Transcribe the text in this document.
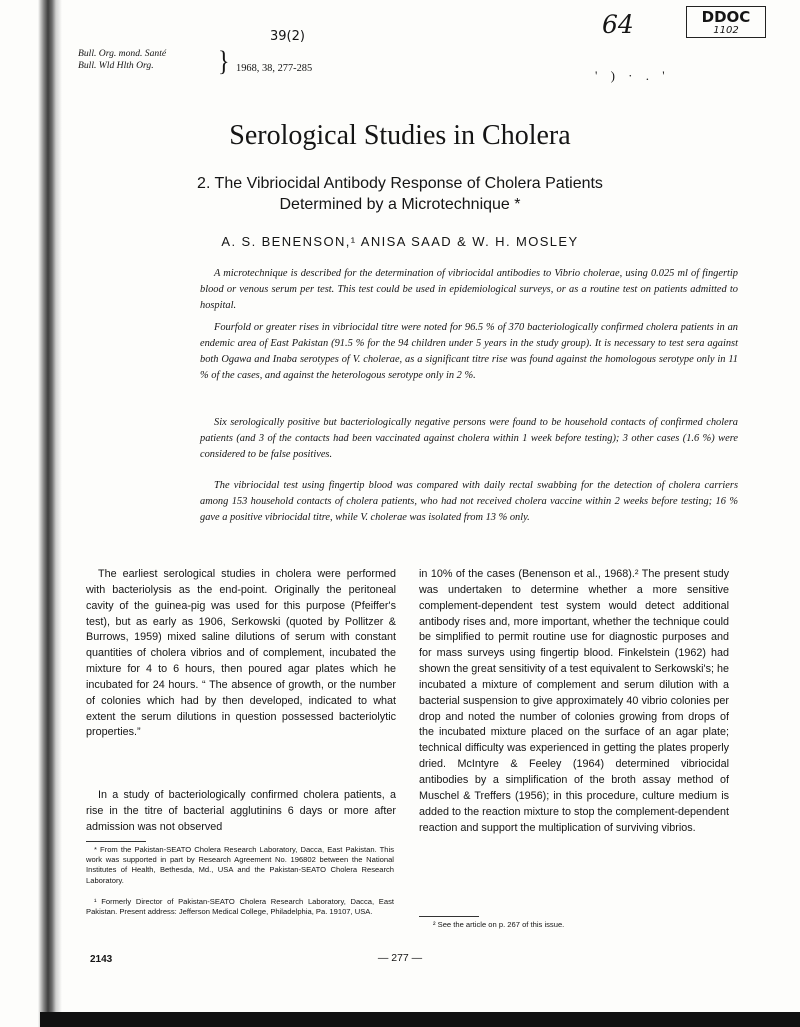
Bull. Org. mond. Santé
Bull. Wld Hlth Org.	} 1968, 38, 277-285
39(2)	64	DDOC
1102
' ) · . '
Serological Studies in Cholera
2. The Vibriocidal Antibody Response of Cholera Patients
Determined by a Microtechnique *
A. S. BENENSON,¹ ANISA SAAD & W. H. MOSLEY

A microtechnique is described for the determination of vibriocidal antibodies to Vibrio cholerae, using 0.025 ml of fingertip blood or venous serum per test. This test could be used in epidemiological surveys, or as a routine test on patients admitted to hospital.

Fourfold or greater rises in vibriocidal titre were noted for 96.5 % of 370 bacteriologically confirmed cholera patients in an endemic area of East Pakistan (91.5 % for the 94 children under 5 years in the study group). It is necessary to test sera against both Ogawa and Inaba serotypes of V. cholerae, as a significant titre rise was found against the homologous serotype only in 11 % of the cases, and against the heterologous serotype only in 2 %.

Six serologically positive but bacteriologically negative persons were found to be household contacts of confirmed cholera patients (and 3 of the contacts had been vaccinated against cholera within 1 week before testing); 3 other cases (1.6 %) were considered to be false positives.

The vibriocidal test using fingertip blood was compared with daily rectal swabbing for the detection of cholera carriers among 153 household contacts of cholera patients, who had not received cholera vaccine within 2 weeks before testing; 16 % gave a positive vibriocidal titre, while V. cholerae was isolated from 13 % only.

The earliest serological studies in cholera were performed with bacteriolysis as the end-point. Originally the peritoneal cavity of the guinea-pig was used for this purpose (Pfeiffer's test), but as early as 1906, Serkowski (quoted by Pollitzer & Burrows, 1959) mixed saline dilutions of serum with constant quantities of cholera vibrios and of complement, incubated the mixture for 4 to 6 hours, then poured agar plates which he incubated for 24 hours. “ The absence of growth, or the number of colonies which had by then developed, indicated to what extent the serum dilutions in question possessed bacteriolytic properties.”

In a study of bacteriologically confirmed cholera patients, a rise in the titre of bacterial agglutinins 6 days or more after admission was not observed

* From the Pakistan-SEATO Cholera Research Laboratory, Dacca, East Pakistan. This work was supported in part by Research Agreement No. 196802 between the National Institutes of Health, Bethesda, Md., USA and the Pakistan-SEATO Cholera Research Laboratory.

¹ Formerly Director of Pakistan-SEATO Cholera Research Laboratory, Dacca, East Pakistan. Present address: Jefferson Medical College, Philadelphia, Pa. 19107, USA.

in 10% of the cases (Benenson et al., 1968).² The present study was undertaken to determine whether a more sensitive complement-dependent test system would detect additional antibody rises and, more important, whether the technique could be simplified to permit routine use for diagnostic purposes and for mass surveys using fingertip blood. Finkelstein (1962) had shown the great sensitivity of a test equivalent to Serkowski's; he incubated a mixture of complement and serum dilution with a bacterial suspension to give approximately 40 vibrio colonies per drop and noted the number of colonies growing from drops of the incubated mixture placed on the surface of an agar plate; technical difficulty was experienced in getting the plates properly dried. McIntyre & Feeley (1964) determined vibriocidal antibodies by a simplification of the broth assay method of Muschel & Treffers (1956); in this procedure, culture medium is added to the reaction mixture to stop the complement-dependent reaction and support the multiplication of surviving vibrios.

² See the article on p. 267 of this issue.

2143	— 277 —
